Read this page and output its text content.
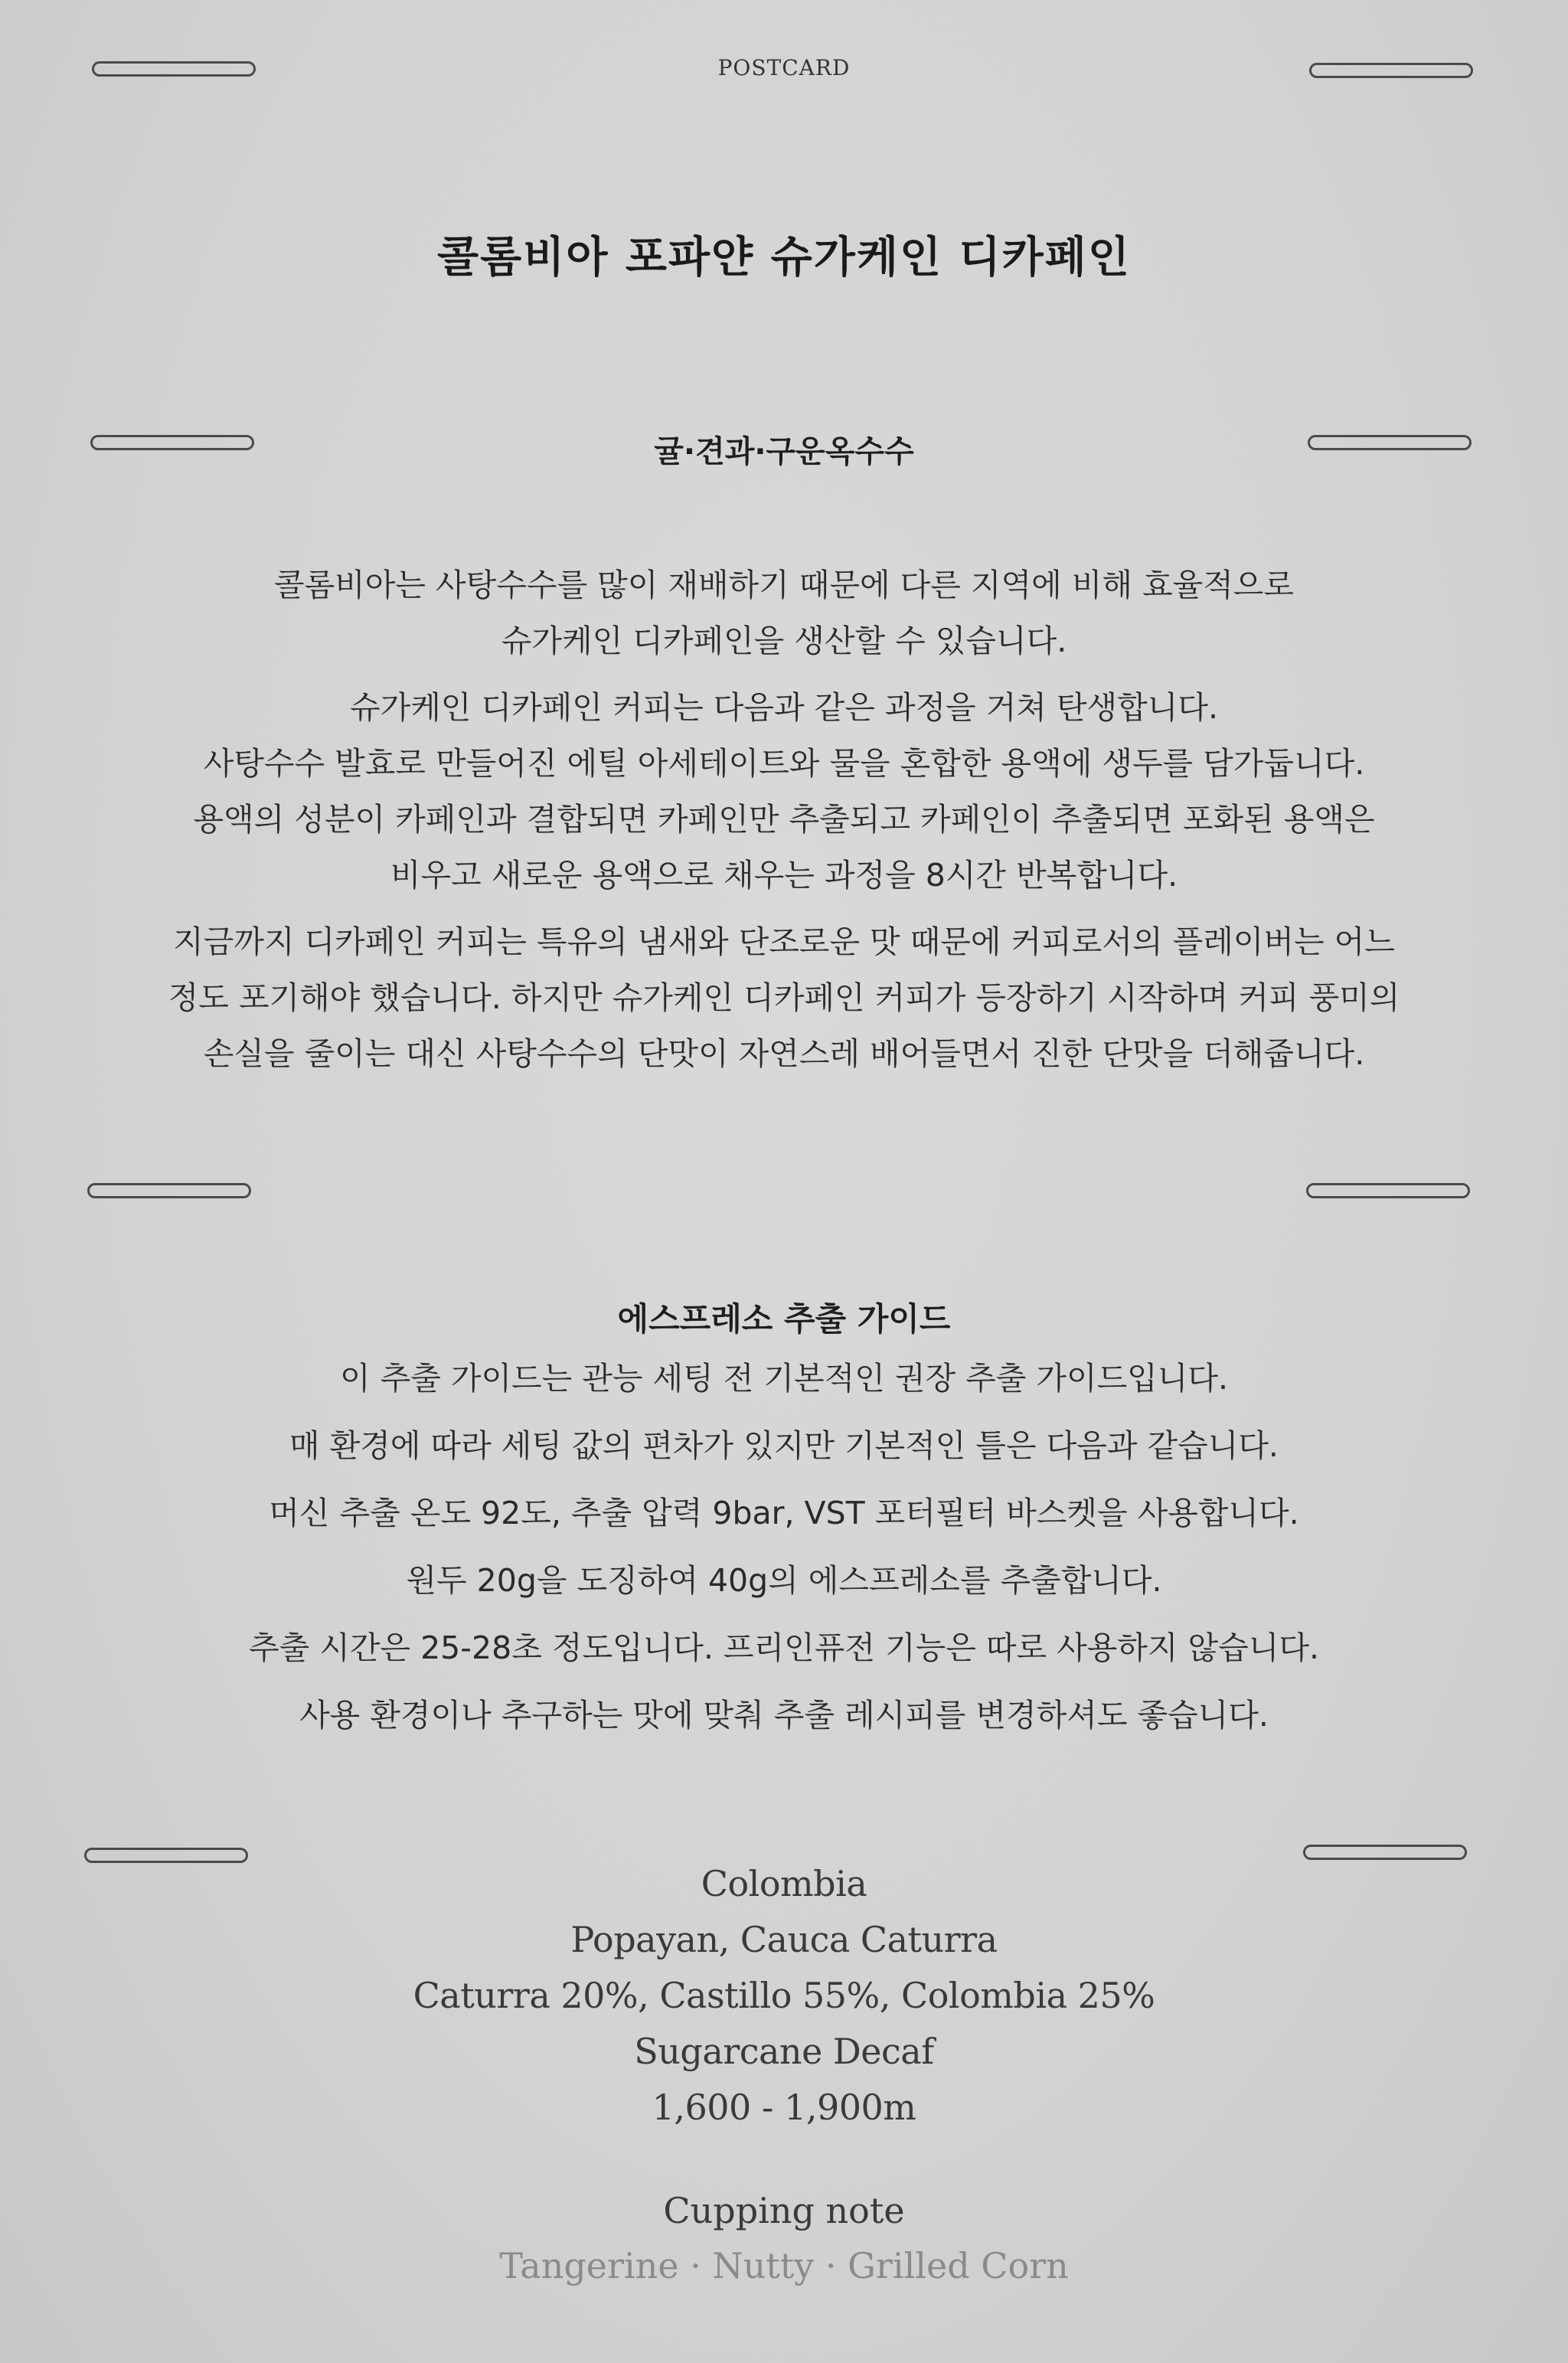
POSTCARD
콜롬비아 포파얀 슈가케인 디카페인
귤·견과·구운옥수수

콜롬비아는 사탕수수를 많이 재배하기 때문에 다른 지역에 비해 효율적으로
슈가케인 디카페인을 생산할 수 있습니다.

슈가케인 디카페인 커피는 다음과 같은 과정을 거쳐 탄생합니다.
사탕수수 발효로 만들어진 에틸 아세테이트와 물을 혼합한 용액에 생두를 담가둡니다.
용액의 성분이 카페인과 결합되면 카페인만 추출되고 카페인이 추출되면 포화된 용액은
비우고 새로운 용액으로 채우는 과정을 8시간 반복합니다.

지금까지 디카페인 커피는 특유의 냄새와 단조로운 맛 때문에 커피로서의 플레이버는 어느
정도 포기해야 했습니다. 하지만 슈가케인 디카페인 커피가 등장하기 시작하며 커피 풍미의
손실을 줄이는 대신 사탕수수의 단맛이 자연스레 배어들면서 진한 단맛을 더해줍니다.

에스프레소 추출 가이드
이 추출 가이드는 관능 세팅 전 기본적인 권장 추출 가이드입니다.
매 환경에 따라 세팅 값의 편차가 있지만 기본적인 틀은 다음과 같습니다.
머신 추출 온도 92도, 추출 압력 9bar, VST 포터필터 바스켓을 사용합니다.
원두 20g을 도징하여 40g의 에스프레소를 추출합니다.
추출 시간은 25-28초 정도입니다. 프리인퓨전 기능은 따로 사용하지 않습니다.
사용 환경이나 추구하는 맛에 맞춰 추출 레시피를 변경하셔도 좋습니다.
Colombia
Popayan, Cauca Caturra
Caturra 20%, Castillo 55%, Colombia 25%
Sugarcane Decaf
1,600 - 1,900m
Cupping note
Tangerine · Nutty · Grilled Corn
